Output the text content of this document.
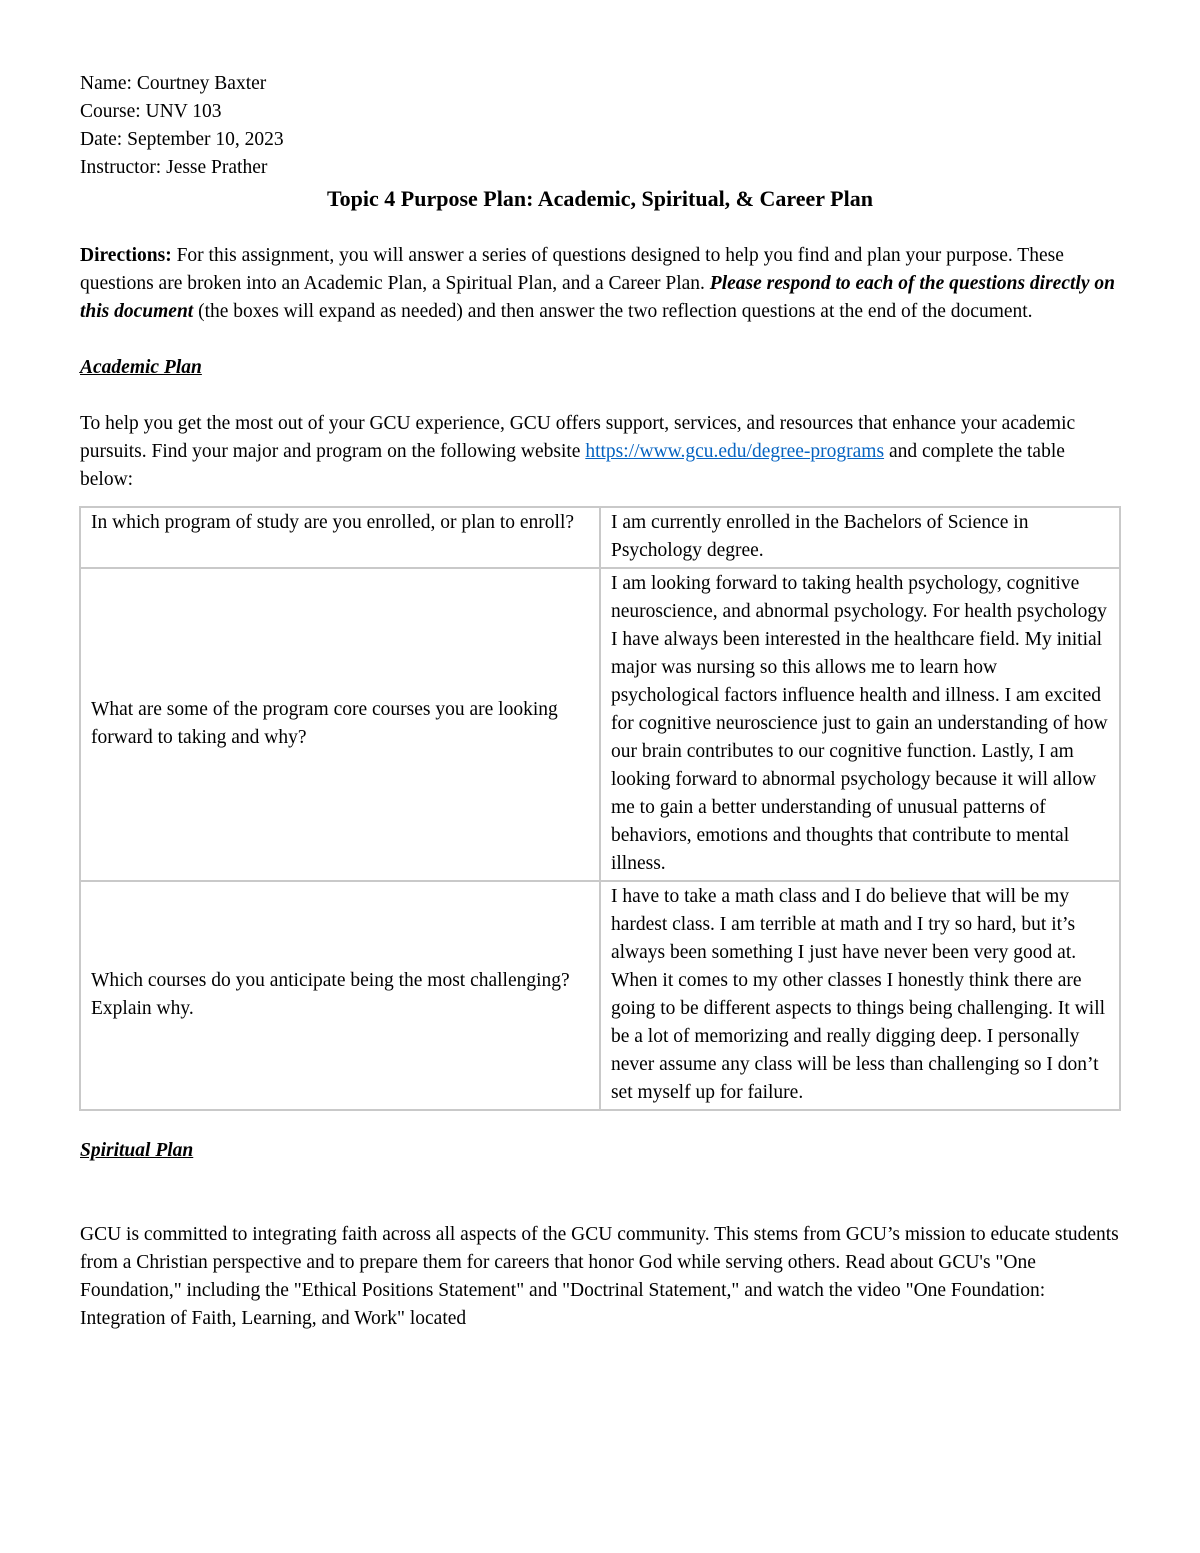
Name: Courtney Baxter

Course: UNV 103

Date: September 10, 2023

Instructor: Jesse Prather

Topic 4 Purpose Plan: Academic, Spiritual, & Career Plan

Directions: For this assignment, you will answer a series of questions designed to help you find and plan your purpose. These questions are broken into an Academic Plan, a Spiritual Plan, and a Career Plan. Please respond to each of the questions directly on this document (the boxes will expand as needed) and then answer the two reflection questions at the end of the document.

Academic Plan

To help you get the most out of your GCU experience, GCU offers support, services, and resources that enhance your academic pursuits. Find your major and program on the following website https://www.gcu.edu/degree-programs and complete the table below:

In which program of study are you enrolled, or plan to enroll?	I am currently enrolled in the Bachelors of Science in Psychology degree.
What are some of the program core courses you are looking forward to taking and why?	I am looking forward to taking health psychology, cognitive neuroscience, and abnormal psychology. For health psychology I have always been interested in the healthcare field. My initial major was nursing so this allows me to learn how psychological factors influence health and illness. I am excited for cognitive neuroscience just to gain an understanding of how our brain contributes to our cognitive function. Lastly, I am looking forward to abnormal psychology because it will allow me to gain a better understanding of unusual patterns of behaviors, emotions and thoughts that contribute to mental illness.
Which courses do you anticipate being the most challenging? Explain why.	I have to take a math class and I do believe that will be my hardest class. I am terrible at math and I try so hard, but it’s always been something I just have never been very good at. When it comes to my other classes I honestly think there are going to be different aspects to things being challenging. It will be a lot of memorizing and really digging deep. I personally never assume any class will be less than challenging so I don’t set myself up for failure.

Spiritual Plan

GCU is committed to integrating faith across all aspects of the GCU community. This stems from GCU’s mission to educate students from a Christian perspective and to prepare them for careers that honor God while serving others. Read about GCU's "One Foundation," including the "Ethical Positions Statement" and "Doctrinal Statement," and watch the video "One Foundation: Integration of Faith, Learning, and Work" located
